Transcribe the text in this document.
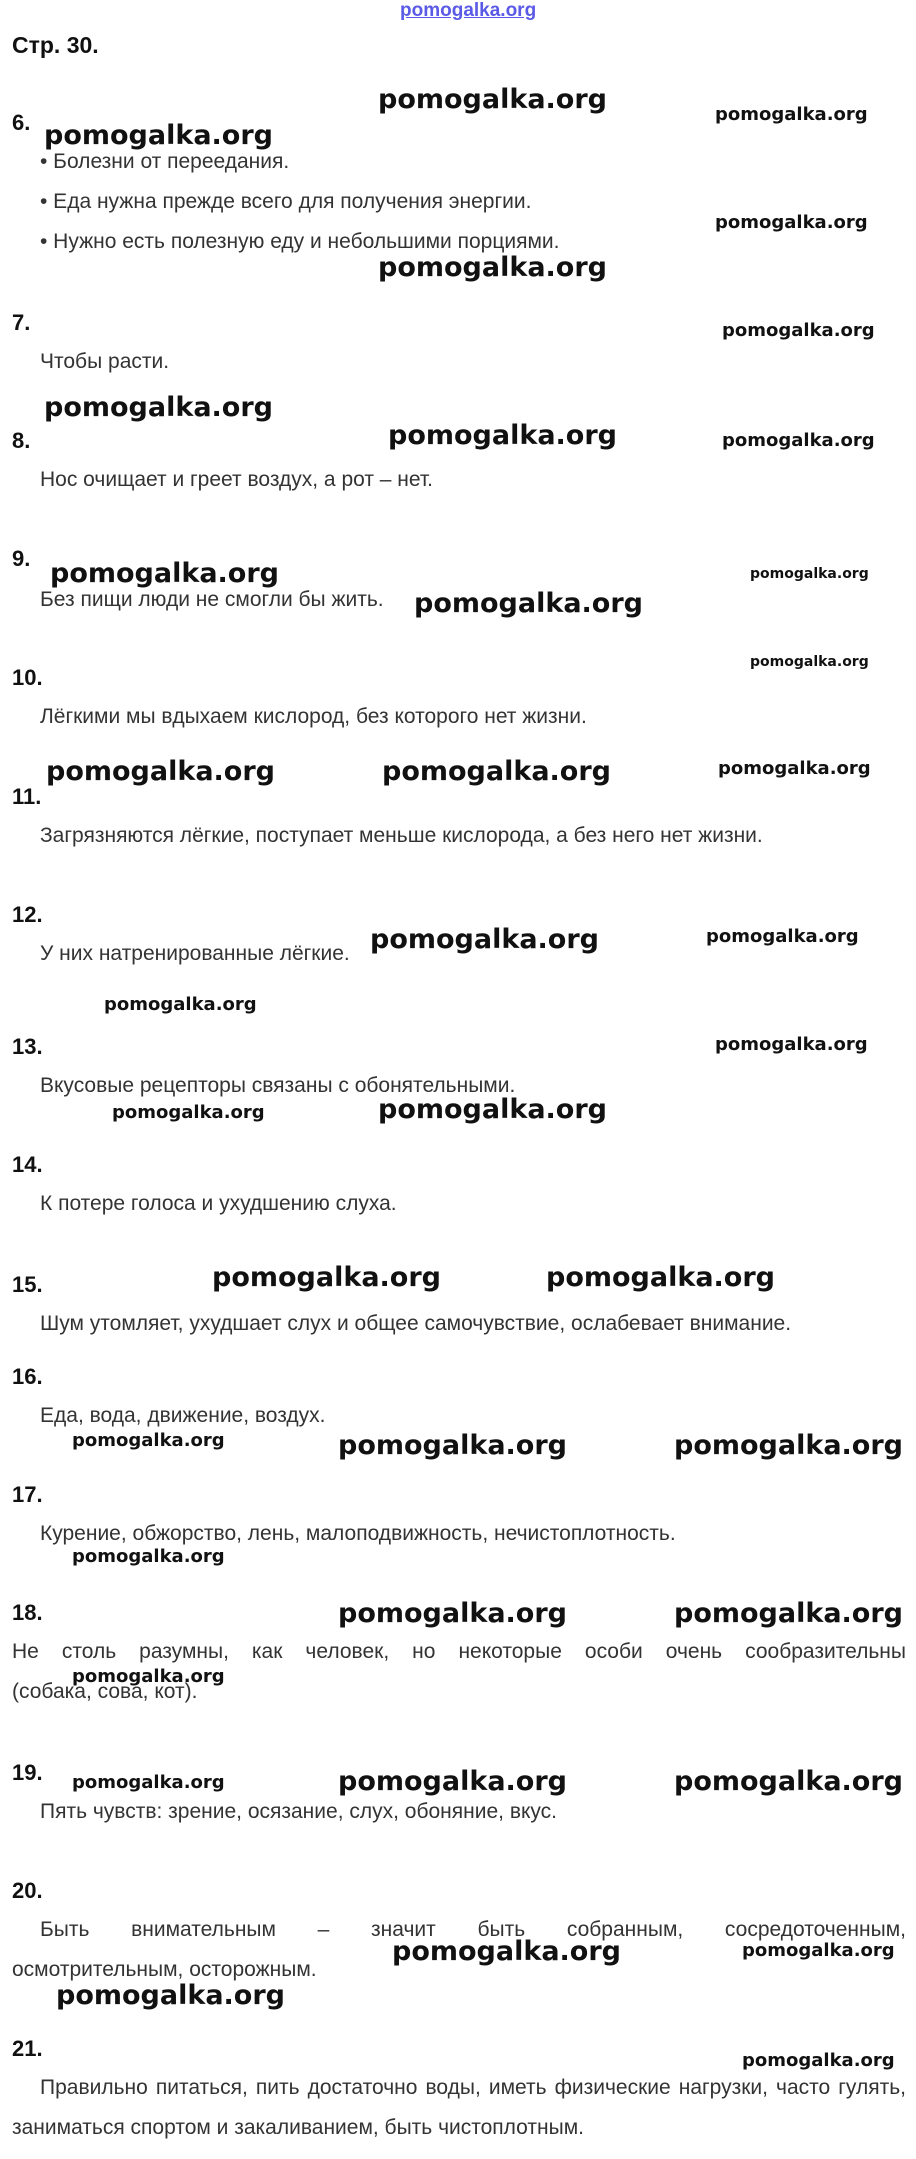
pomogalka.org
Стр. 30.
6.
• Болезни от переедания.
• Еда нужна прежде всего для получения энергии.
• Нужно есть полезную еду и небольшими порциями.
7.
Чтобы расти.
8.
Нос очищает и греет воздух, а рот – нет.
9.
Без пищи люди не смогли бы жить.
10.
Лёгкими мы вдыхаем кислород, без которого нет жизни.
11.
Загрязняются лёгкие, поступает меньше кислорода, а без него нет жизни.
12.
У них натренированные лёгкие.
13.
Вкусовые рецепторы связаны с обонятельными.
14.
К потере голоса и ухудшению слуха.
15.
Шум утомляет, ухудшает слух и общее самочувствие, ослабевает внимание.
16.
Еда, вода, движение, воздух.
17.
Курение, обжорство, лень, малоподвижность, нечистоплотность.
18.
Не столь разумны, как человек, но некоторые особи очень сообразительны
(собака, сова, кот).
19.
Пять чувств: зрение, осязание, слух, обоняние, вкус.
20.
Быть внимательным – значит быть собранным, сосредоточенным,
осмотрительным, осторожным.
21.
Правильно питаться, пить достаточно воды, иметь физические нагрузки, часто гулять, заниматься спортом и закаливанием, быть чистоплотным.
pomogalka.org	pomogalka.org
pomogalka.org
pomogalka.org
pomogalka.org
pomogalka.org
pomogalka.org
pomogalka.org	pomogalka.org
pomogalka.org	pomogalka.org
pomogalka.org
pomogalka.org
pomogalka.org	pomogalka.org	pomogalka.org
pomogalka.org	pomogalka.org
pomogalka.org
pomogalka.org
pomogalka.org
pomogalka.org
pomogalka.org	pomogalka.org
pomogalka.org	pomogalka.org	pomogalka.org
pomogalka.org
pomogalka.org	pomogalka.org
pomogalka.org
pomogalka.org	pomogalka.org	pomogalka.org
pomogalka.org	pomogalka.org
pomogalka.org
pomogalka.org
